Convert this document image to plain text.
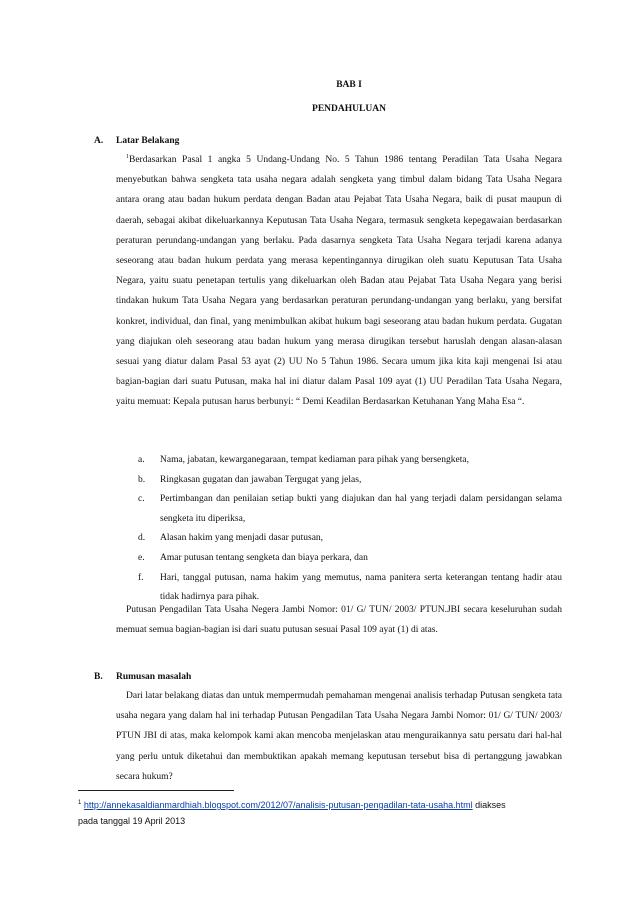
BAB I
PENDAHULUAN
A. Latar Belakang

$^1$Berdasarkan Pasal 1 angka 5 Undang-Undang No. 5 Tahun 1986 tentang Peradilan Tata Usaha Negara menyebutkan bahwa sengketa tata usaha negara adalah sengketa yang timbul dalam bidang Tata Usaha Negara antara orang atau badan hukum perdata dengan Badan atau Pejabat Tata Usaha Negara, baik di pusat maupun di daerah, sebagai akibat dikeluarkannya Keputusan Tata Usaha Negara, termasuk sengketa kepegawaian berdasarkan peraturan perundang-undangan yang berlaku. Pada dasarnya sengketa Tata Usaha Negara terjadi karena adanya seseorang atau badan hukum perdata yang merasa kepentingannya dirugikan oleh suatu Keputusan Tata Usaha Negara, yaitu suatu penetapan tertulis yang dikeluarkan oleh Badan atau Pejabat Tata Usaha Negara yang berisi tindakan hukum Tata Usaha Negara yang berdasarkan peraturan perundang-undangan yang berlaku, yang bersifat konkret, individual, dan final, yang menimbulkan akibat hukum bagi seseorang atau badan hukum perdata. Gugatan yang diajukan oleh seseorang atau badan hukum yang merasa dirugikan tersebut haruslah dengan alasan-alasan sesuai yang diatur dalam Pasal 53 ayat (2) UU No 5 Tahun 1986. Secara umum jika kita kaji mengenai Isi atau bagian-bagian dari suatu Putusan, maka hal ini diatur dalam Pasal 109 ayat (1) UU Peradilan Tata Usaha Negara, yaitu memuat: Kepala putusan harus berbunyi: “ Demi Keadilan Berdasarkan Ketuhanan Yang Maha Esa “.

a.	Nama, jabatan, kewarganegaraan, tempat kediaman para pihak yang bersengketa,
b.	Ringkasan gugatan dan jawaban Tergugat yang jelas,
c.	Pertimbangan dan penilaian setiap bukti yang diajukan dan hal yang terjadi dalam persidangan selama sengketa itu diperiksa,
d.	Alasan hakim yang menjadi dasar putusan,
e.	Amar putusan tentang sengketa dan biaya perkara, dan
f.	Hari, tanggal putusan, nama hakim yang memutus, nama panitera serta keterangan tentang hadir atau tidak hadirnya para pihak.

Putusan Pengadilan Tata Usaha Negera Jambi Nomor: 01/ G/ TUN/ 2003/ PTUN.JBI secara keseluruhan sudah memuat semua bagian-bagian isi dari suatu putusan sesuai Pasal 109 ayat (1) di atas.

B. Rumusan masalah

Dari latar belakang diatas dan untuk mempermudah pemahaman mengenai analisis terhadap Putusan sengketa tata usaha negara yang dalam hal ini terhadap Putusan Pengadilan Tata Usaha Negara Jambi Nomor: 01/ G/ TUN/ 2003/ PTUN JBI di atas, maka kelompok kami akan mencoba menjelaskan atau menguraikannya satu persatu dari hal-hal yang perlu untuk diketahui dan membuktikan apakah memang keputusan tersebut bisa di pertanggung jawabkan secara hukum?

$^1$ http://annekasaldianmardhiah.blogspot.com/2012/07/analisis-putusan-pengadilan-tata-usaha.html diakses
pada tanggal 19 April 2013
